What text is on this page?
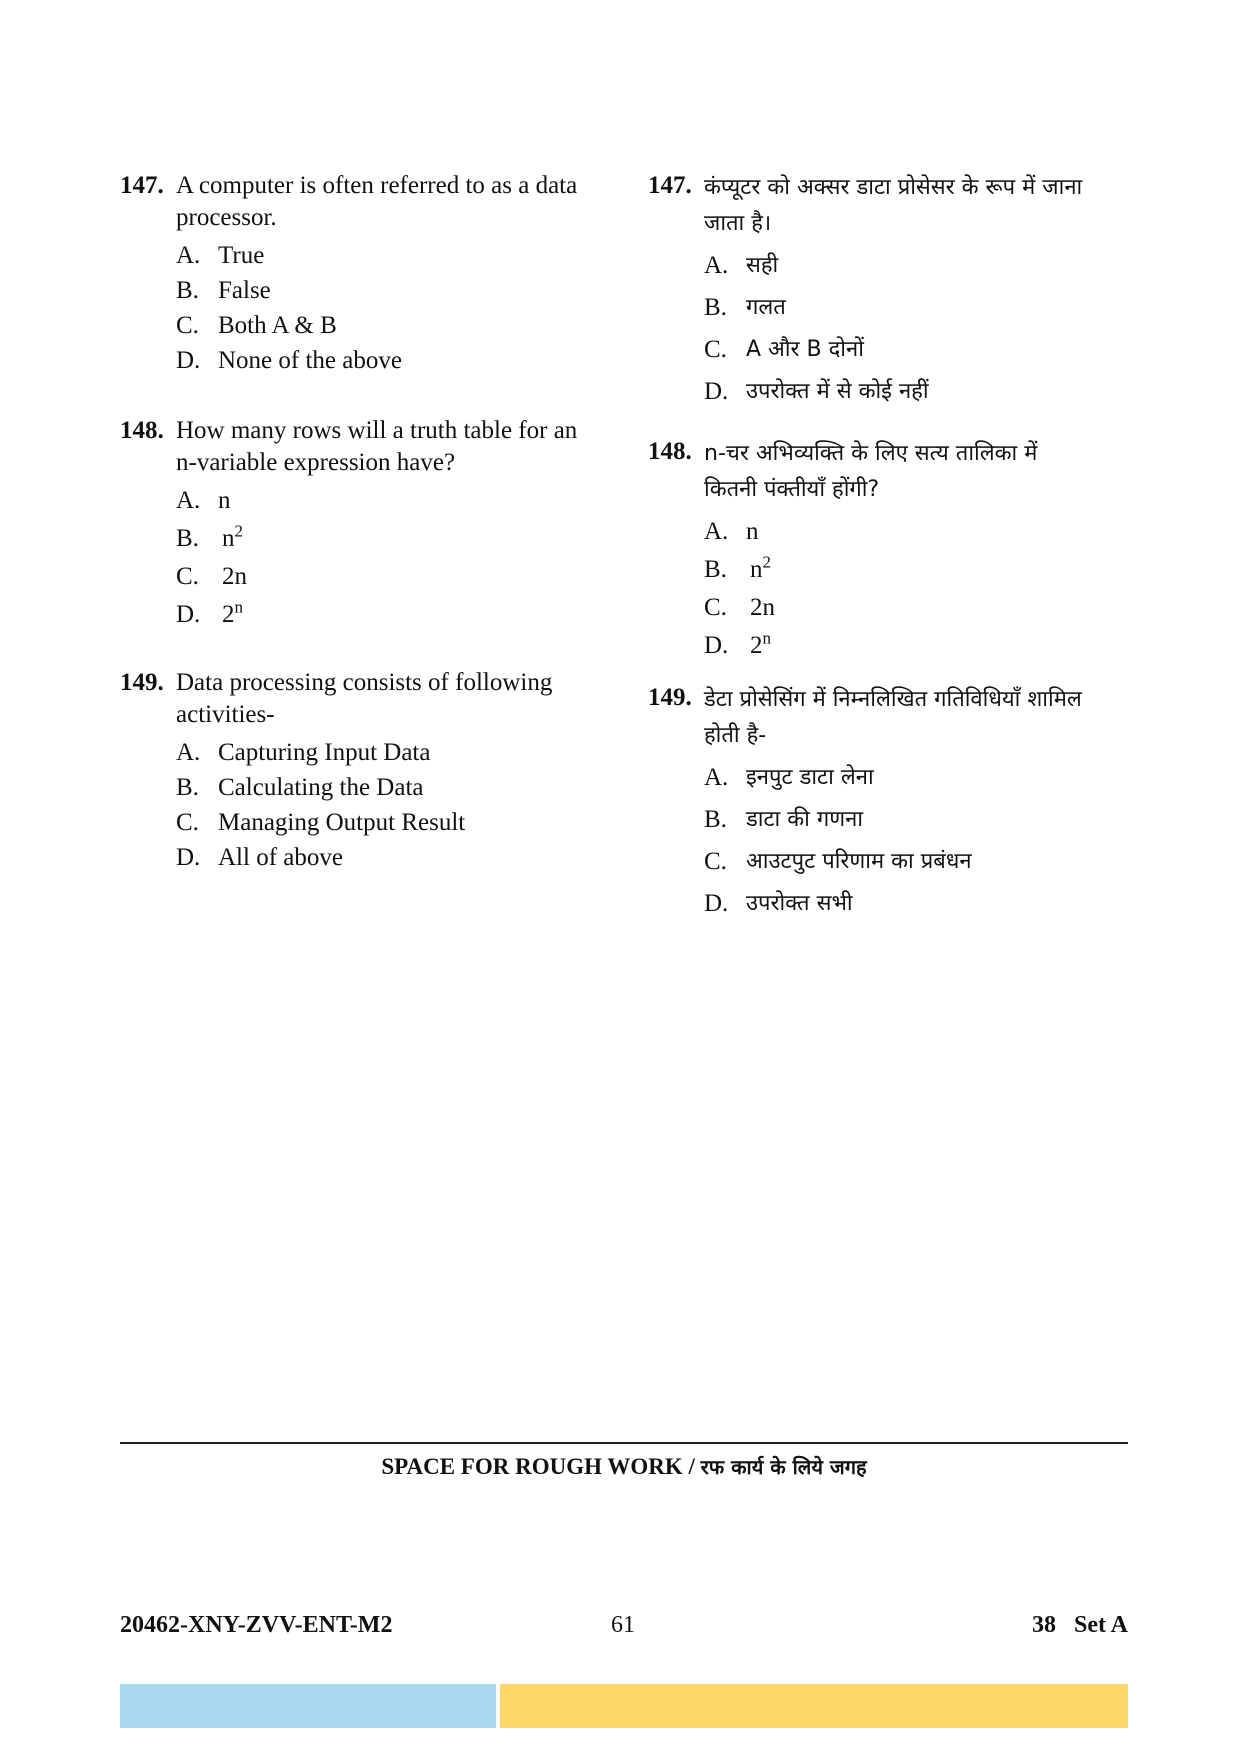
147. A computer is often referred to as a data processor.
A. True
B. False
C. Both A & B
D. None of the above
148. How many rows will a truth table for an n-variable expression have?
A. n
B. $n^2$
C. 2n
D. 2$^n$
149. Data processing consists of following activities-
A. Capturing Input Data
B. Calculating the Data
C. Managing Output Result
D. All of above
147. कंप्यूटर को अक्सर डाटा प्रोसेसर के रूप में जाना
जाता है।
A. सही
B. गलत
C. A और B दोनों
D. उपरोक्त में से कोई नहीं
148. n-चर अभिव्यक्ति के लिए सत्य तालिका में
कितनी पंक्तीयाँ होंगी?
A. n
B. $n^2$
C. 2n
D. 2$^n$
149. डेटा प्रोसेसिंग में निम्नलिखित गतिविधियाँ शामिल
होती है-
A. इनपुट डाटा लेना
B. डाटा की गणना
C. आउटपुट परिणाम का प्रबंधन
D. उपरोक्त सभी
SPACE FOR ROUGH WORK / रफ कार्य के लिये जगह
20462-XNY-ZVV-ENT-M2	61	38 Set A
